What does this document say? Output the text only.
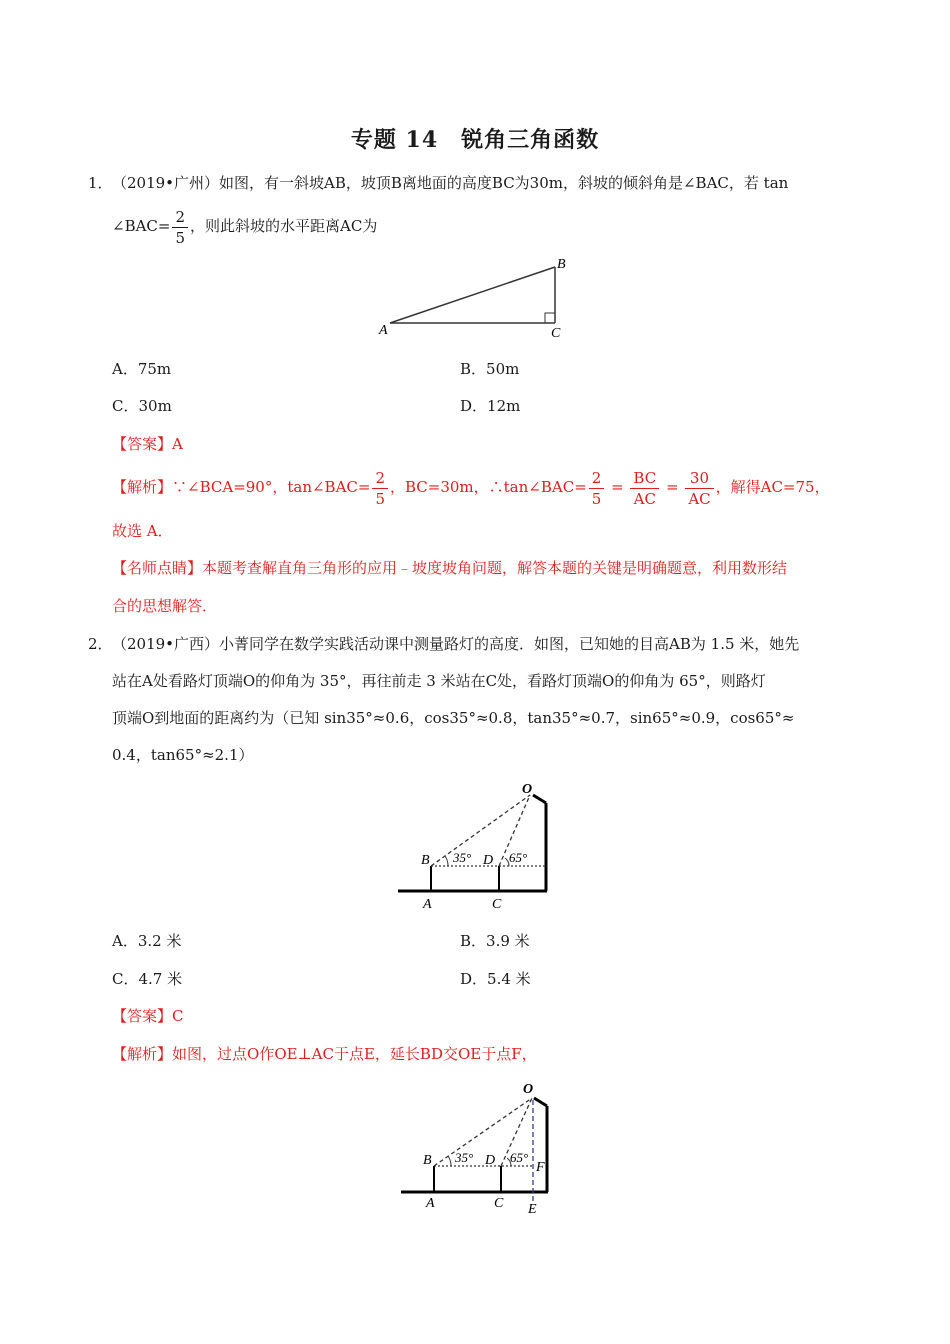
专题 14　锐角三角函数
1． （2019•广州）如图，有一斜坡AB，坡顶B离地面的高度BC为30m，斜坡的倾斜角是∠BAC，若 tan
∠BAC= $\frac{2}{5}$ ，则此斜坡的水平距离AC为
A
B
C
A．75m	B．50m
C．30m	D．12m
【答案】A
【解析】∵∠BCA=90°，tan∠BAC= $\frac{2}{5}$ ，BC=30m，∴tan∠BAC= $\frac{2}{5} = \frac{BC}{AC} = \frac{30}{AC}$ ，解得AC=75，
故选 A．
【名师点睛】本题考查解直角三角形的应用﹣坡度坡角问题，解答本题的关键是明确题意，利用数形结
合的思想解答．
2． （2019•广西）小菁同学在数学实践活动课中测量路灯的高度．如图，已知她的目高AB为 1.5 米，她先
站在A处看路灯顶端O的仰角为 35°，再往前走 3 米站在C处，看路灯顶端O的仰角为 65°，则路灯
顶端O到地面的距离约为（已知 sin35°≈0.6，cos35°≈0.8，tan35°≈0.7，sin65°≈0.9，cos65°≈
0.4，tan65°≈2.1）
O
B 35° D 65°
A	C
A．3.2 米	B．3.9 米
C．4.7 米	D．5.4 米
【答案】C
【解析】如图，过点O作OE⊥AC于点E，延长BD交OE于点F，
O
B 35° D 65°
F
A	C E
